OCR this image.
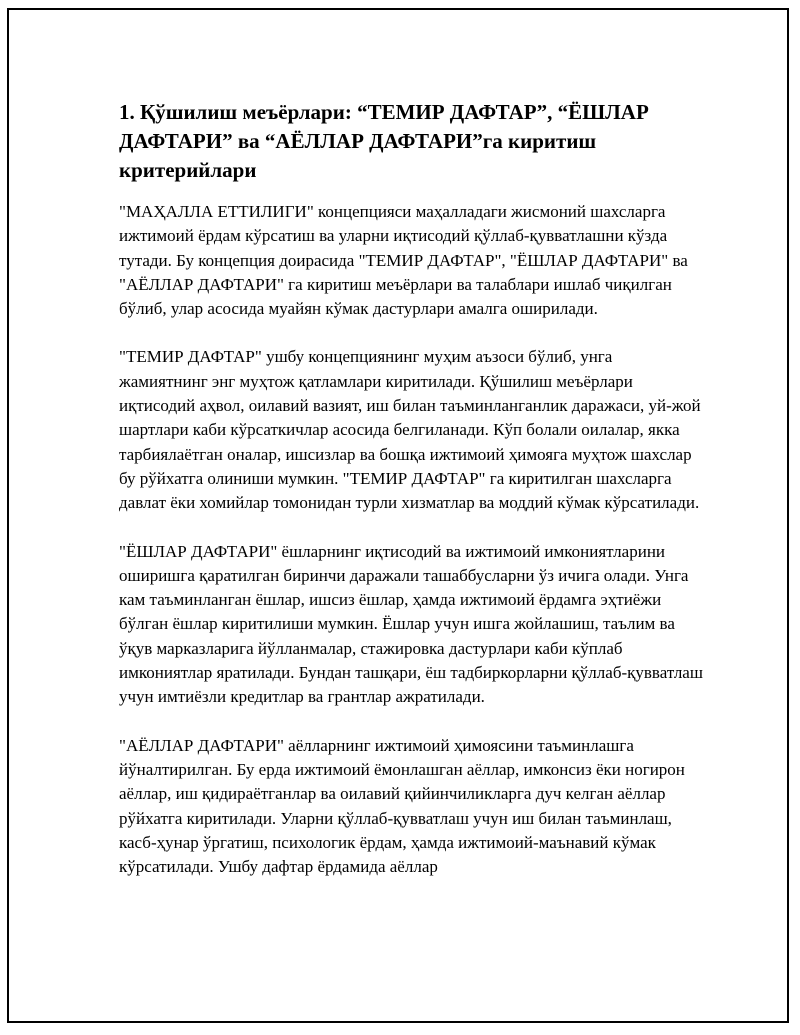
1. Қўшилиш меъёрлари: “ТЕМИР ДАФТАР”, “ЁШЛАР ДАФТАРИ” ва “АЁЛЛАР ДАФТАРИ”га киритиш критерийлари

"МАҲАЛЛА ЕТТИЛИГИ" концепцияси маҳалладаги жисмоний шахсларга ижтимоий ёрдам кўрсатиш ва уларни иқтисодий қўллаб-қувватлашни кўзда тутади. Бу концепция доирасида "ТЕМИР ДАФТАР", "ЁШЛАР ДАФТАРИ" ва "АЁЛЛАР ДАФТАРИ" га киритиш меъёрлари ва талаблари ишлаб чиқилган бўлиб, улар асосида муайян кўмак дастурлари амалга оширилади.

"ТЕМИР ДАФТАР" ушбу концепциянинг муҳим аъзоси бўлиб, унга жамиятнинг энг муҳтож қатламлари киритилади. Қўшилиш меъёрлари иқтисодий аҳвол, оилавий вазият, иш билан таъминланганлик даражаси, уй-жой шартлари каби кўрсаткичлар асосида белгиланади. Кўп болали оилалар, якка тарбиялаётган оналар, ишсизлар ва бошқа ижтимоий ҳимояга муҳтож шахслар бу рўйхатга олиниши мумкин. "ТЕМИР ДАФТАР" га киритилган шахсларга давлат ёки хомийлар томонидан турли хизматлар ва моддий кўмак кўрсатилади.

"ЁШЛАР ДАФТАРИ" ёшларнинг иқтисодий ва ижтимоий имкониятларини оширишга қаратилган биринчи даражали ташаббусларни ўз ичига олади. Унга кам таъминланган ёшлар, ишсиз ёшлар, ҳамда ижтимоий ёрдамга эҳтиёжи бўлган ёшлар киритилиши мумкин. Ёшлар учун ишга жойлашиш, таълим ва ўқув марказларига йўлланмалар, стажировка дастурлари каби кўплаб имкониятлар яратилади. Бундан ташқари, ёш тадбиркорларни қўллаб-қувватлаш учун имтиёзли кредитлар ва грантлар ажратилади.

"АЁЛЛАР ДАФТАРИ" аёлларнинг ижтимоий ҳимоясини таъминлашга йўналтирилган. Бу ерда ижтимоий ёмонлашган аёллар, имконсиз ёки ногирон аёллар, иш қидираётганлар ва оилавий қийинчиликларга дуч келган аёллар рўйхатга киритилади. Уларни қўллаб-қувватлаш учун иш билан таъминлаш, касб-ҳунар ўргатиш, психологик ёрдам, ҳамда ижтимоий-маънавий кўмак кўрсатилади. Ушбу дафтар ёрдамида аёллар
